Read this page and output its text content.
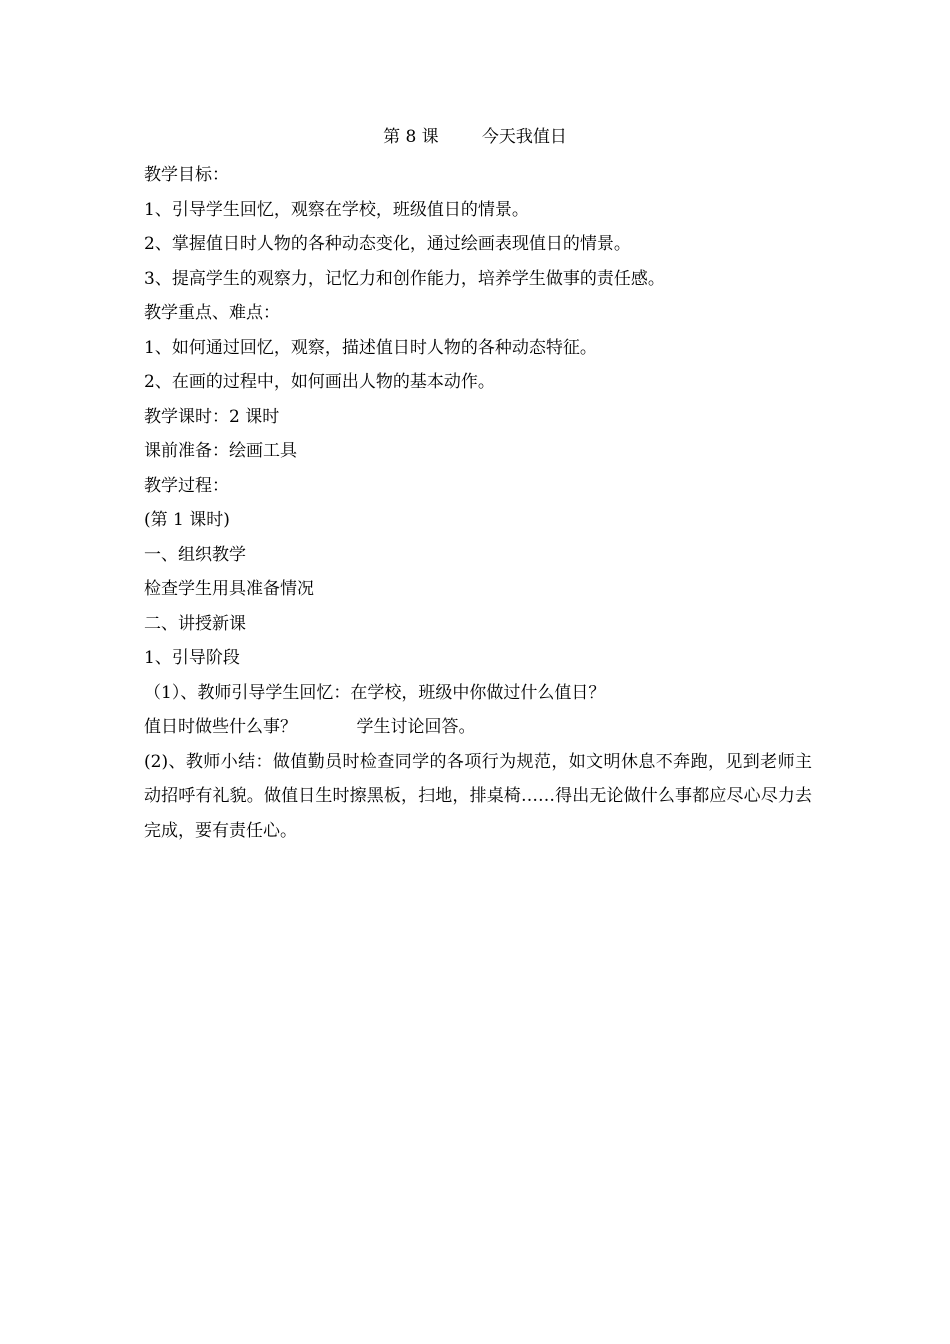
第 8 课        今天我值日
教学目标：
1、引导学生回忆，观察在学校，班级值日的情景。
2、掌握值日时人物的各种动态变化，通过绘画表现值日的情景。
3、提高学生的观察力，记忆力和创作能力，培养学生做事的责任感。
教学重点、难点：
1、如何通过回忆，观察，描述值日时人物的各种动态特征。
2、在画的过程中，如何画出人物的基本动作。
教学课时：2 课时
课前准备：绘画工具
教学过程：
(第 1 课时)
一、组织教学
检查学生用具准备情况
二、讲授新课
1、引导阶段
（1）、教师引导学生回忆：在学校，班级中你做过什么值日？
值日时做些什么事？           学生讨论回答。
(2)、教师小结：做值勤员时检查同学的各项行为规范，如文明休息不奔跑，见到老师主动招呼有礼貌。做值日生时擦黑板，扫地，排桌椅……得出无论做什么事都应尽心尽力去完成，要有责任心。
